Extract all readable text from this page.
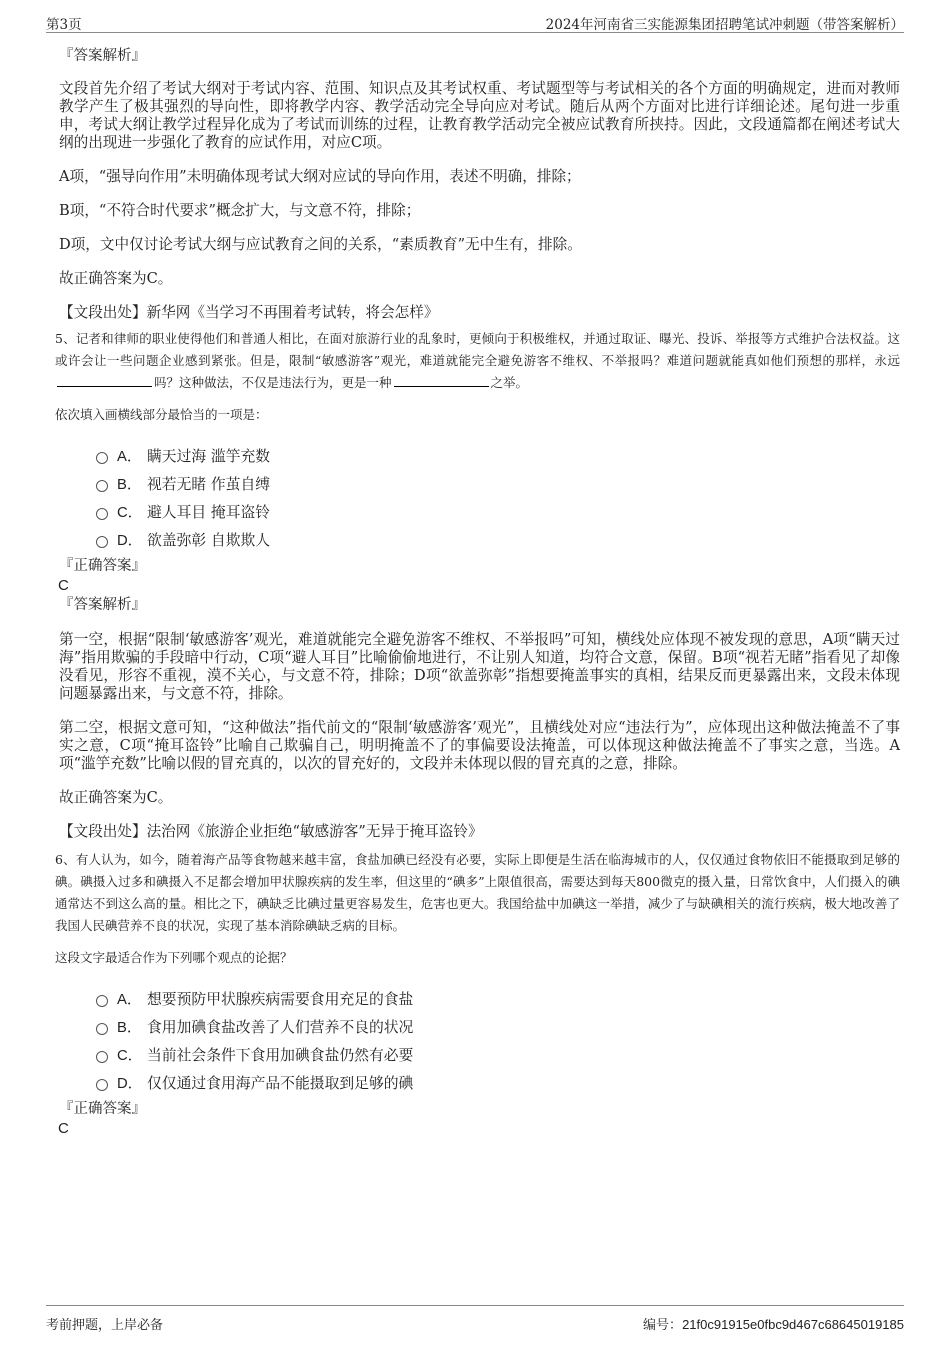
第3页	2024年河南省三实能源集团招聘笔试冲刺题（带答案解析）
『答案解析』

文段首先介绍了考试大纲对于考试内容、范围、知识点及其考试权重、考试题型等与考试相关的各个方面的明确规定，进而对教师教学产生了极其强烈的导向性，即将教学内容、教学活动完全导向应对考试。随后从两个方面对比进行详细论述。尾句进一步重申，考试大纲让教学过程异化成为了考试而训练的过程，让教育教学活动完全被应试教育所挟持。因此，文段通篇都在阐述考试大纲的出现进一步强化了教育的应试作用，对应C项。

A项，“强导向作用”未明确体现考试大纲对应试的导向作用，表述不明确，排除；

B项，“不符合时代要求”概念扩大，与文意不符，排除；

D项，文中仅讨论考试大纲与应试教育之间的关系，“素质教育”无中生有，排除。

故正确答案为C。

【文段出处】新华网《当学习不再围着考试转，将会怎样》

5、记者和律师的职业使得他们和普通人相比，在面对旅游行业的乱象时，更倾向于积极维权，并通过取证、曝光、投诉、举报等方式维护合法权益。这或许会让一些问题企业感到紧张。但是，限制“敏感游客”观光，难道就能完全避免游客不维权、不举报吗？难道问题就能真如他们预想的那样，永远吗？这种做法，不仅是违法行为，更是一种	之举。

依次填入画横线部分最恰当的一项是：

A． 瞒天过海 滥竽充数
B． 视若无睹 作茧自缚
C． 避人耳目 掩耳盗铃
D． 欲盖弥彰 自欺欺人
『正确答案』
C
『答案解析』

第一空，根据“限制‘敏感游客’观光，难道就能完全避免游客不维权、不举报吗”可知，横线处应体现不被发现的意思，A项“瞒天过海”指用欺骗的手段暗中行动，C项“避人耳目”比喻偷偷地进行，不让别人知道，均符合文意，保留。B项“视若无睹”指看见了却像没看见，形容不重视，漠不关心，与文意不符，排除；D项“欲盖弥彰”指想要掩盖事实的真相，结果反而更暴露出来，文段未体现问题暴露出来，与文意不符，排除。

第二空，根据文意可知，“这种做法”指代前文的“限制‘敏感游客’观光”，且横线处对应“违法行为”，应体现出这种做法掩盖不了事实之意，C项“掩耳盗铃”比喻自己欺骗自己，明明掩盖不了的事偏要设法掩盖，可以体现这种做法掩盖不了事实之意，当选。A项“滥竽充数”比喻以假的冒充真的，以次的冒充好的，文段并未体现以假的冒充真的之意，排除。

故正确答案为C。

【文段出处】法治网《旅游企业拒绝“敏感游客”无异于掩耳盗铃》

6、有人认为，如今，随着海产品等食物越来越丰富，食盐加碘已经没有必要，实际上即便是生活在临海城市的人，仅仅通过食物依旧不能摄取到足够的碘。碘摄入过多和碘摄入不足都会增加甲状腺疾病的发生率，但这里的“碘多”上限值很高，需要达到每天800微克的摄入量，日常饮食中，人们摄入的碘通常达不到这么高的量。相比之下，碘缺乏比碘过量更容易发生，危害也更大。我国给盐中加碘这一举措，减少了与缺碘相关的流行疾病，极大地改善了我国人民碘营养不良的状况，实现了基本消除碘缺乏病的目标。

这段文字最适合作为下列哪个观点的论据？

A． 想要预防甲状腺疾病需要食用充足的食盐
B． 食用加碘食盐改善了人们营养不良的状况
C． 当前社会条件下食用加碘食盐仍然有必要
D． 仅仅通过食用海产品不能摄取到足够的碘
『正确答案』
C
考前押题，上岸必备	编号：21f0c91915e0fbc9d467c68645019185
